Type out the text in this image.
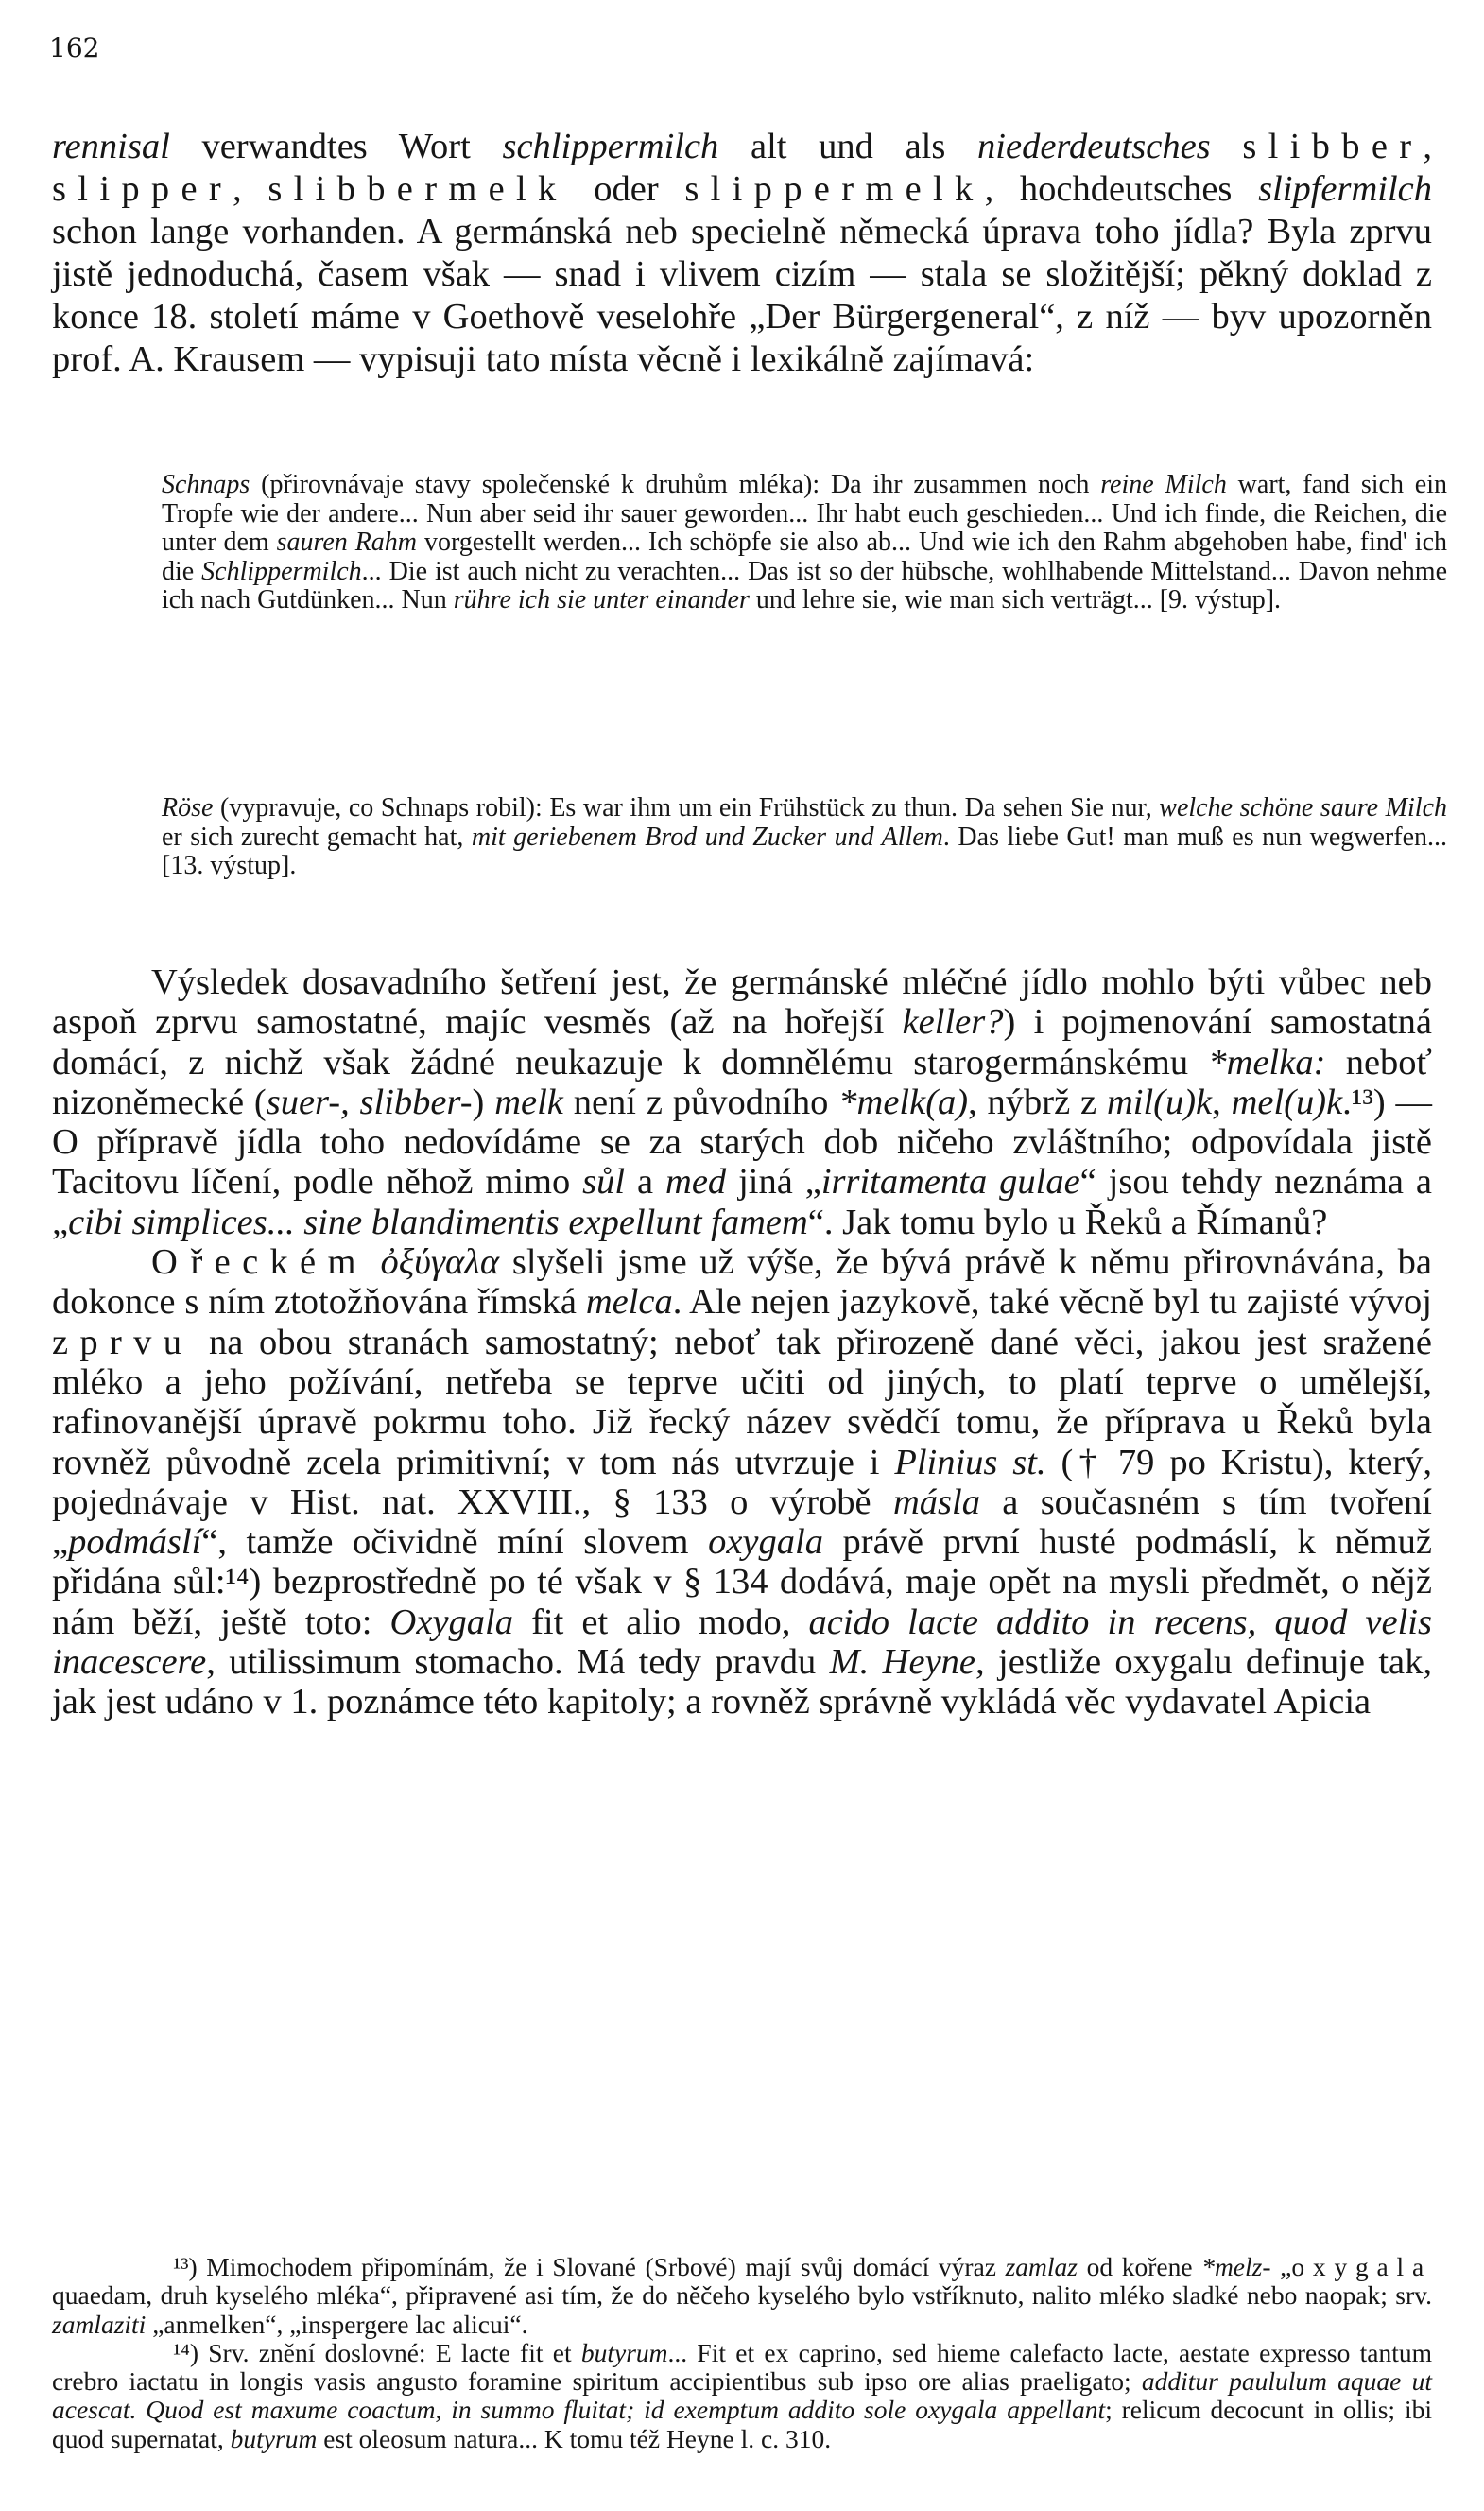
162

rennisal verwandtes Wort schlippermilch alt und als niederdeutsches slibber, slipper, slibbermelk oder slippermelk, hochdeutsches slipfermilch schon lange vorhanden. A germánská neb specielně německá úprava toho jídla? Byla zprvu jistě jednoduchá, časem však — snad i vlivem cizím — stala se složitější; pěkný doklad z konce 18. století máme v Goethově veselohře „Der Bürgergeneral“, z níž — byv upozorněn prof. A. Krausem — vypisuji tato místa věcně i lexikálně zajímavá:

Schnaps (přirovnávaje stavy společenské k druhům mléka): Da ihr zusammen noch reine Milch wart, fand sich ein Tropfe wie der andere... Nun aber seid ihr sauer geworden... Ihr habt euch geschieden... Und ich finde, die Reichen, die unter dem sauren Rahm vorgestellt werden... Ich schöpfe sie also ab... Und wie ich den Rahm abgehoben habe, find' ich die Schlippermilch... Die ist auch nicht zu verachten... Das ist so der hübsche, wohlhabende Mittelstand... Davon nehme ich nach Gutdünken... Nun rühre ich sie unter einander und lehre sie, wie man sich verträgt... [9. výstup].

Röse (vypravuje, co Schnaps robil): Es war ihm um ein Frühstück zu thun. Da sehen Sie nur, welche schöne saure Milch er sich zurecht gemacht hat, mit geriebenem Brod und Zucker und Allem. Das liebe Gut! man muß es nun wegwerfen... [13. výstup].

Výsledek dosavadního šetření jest, že germánské mléčné jídlo mohlo býti vůbec neb aspoň zprvu samostatné, majíc vesměs (až na hořejší keller?) i pojmenování samostatná domácí, z nichž však žádné neukazuje k domnělému starogermánskému *melka: neboť nizoněmecké (suer-, slibber-) melk není z původního *melk(a), nýbrž z mil(u)k, mel(u)k.¹³) — O přípravě jídla toho nedovídáme se za starých dob ničeho zvláštního; odpovídala jistě Tacitovu líčení, podle něhož mimo sůl a med jiná „irritamenta gulae“ jsou tehdy neznáma a „cibi simplices... sine blandimentis expellunt famem“. Jak tomu bylo u Řeků a Římanů?

O řeckém ὀξύγαλα slyšeli jsme už výše, že bývá právě k němu přirovnávána, ba dokonce s ním ztotožňována římská melca. Ale nejen jazykově, také věcně byl tu zajisté vývoj zprvu na obou stranách samostatný; neboť tak přirozeně dané věci, jakou jest sražené mléko a jeho požívání, netřeba se teprve učiti od jiných, to platí teprve o umělejší, rafinovanější úpravě pokrmu toho. Již řecký název svědčí tomu, že příprava u Řeků byla rovněž původně zcela primitivní; v tom nás utvrzuje i Plinius st. († 79 po Kristu), který, pojednávaje v Hist. nat. XXVIII., § 133 o výrobě másla a současném s tím tvoření „podmáslí“, tamže očividně míní slovem oxygala právě první husté podmáslí, k němuž přidána sůl:¹⁴) bezprostředně po té však v § 134 dodává, maje opět na mysli předmět, o nějž nám běží, ještě toto: Oxygala fit et alio modo, acido lacte addito in recens, quod velis inacescere, utilissimum stomacho. Má tedy pravdu M. Heyne, jestliže oxygalu definuje tak, jak jest udáno v 1. poznámce této kapitoly; a rovněž správně vykládá věc vydavatel Apicia

¹³) Mimochodem připomínám, že i Slované (Srbové) mají svůj domácí výraz zamlaz od kořene *melz- „oxygala quaedam, druh kyselého mléka“, připravené asi tím, že do něčeho kyselého bylo vstříknuto, nalito mléko sladké nebo naopak; srv. zamlaziti „anmelken“, „inspergere lac alicui“.

¹⁴) Srv. znění doslovné: E lacte fit et butyrum... Fit et ex caprino, sed hieme calefacto lacte, aestate expresso tantum crebro iactatu in longis vasis angusto foramine spiritum accipientibus sub ipso ore alias praeligato; additur paululum aquae ut acescat. Quod est maxume coactum, in summo fluitat; id exemptum addito sole oxygala appellant; relicum decocunt in ollis; ibi quod supernatat, butyrum est oleosum natura... K tomu též Heyne l. c. 310.
